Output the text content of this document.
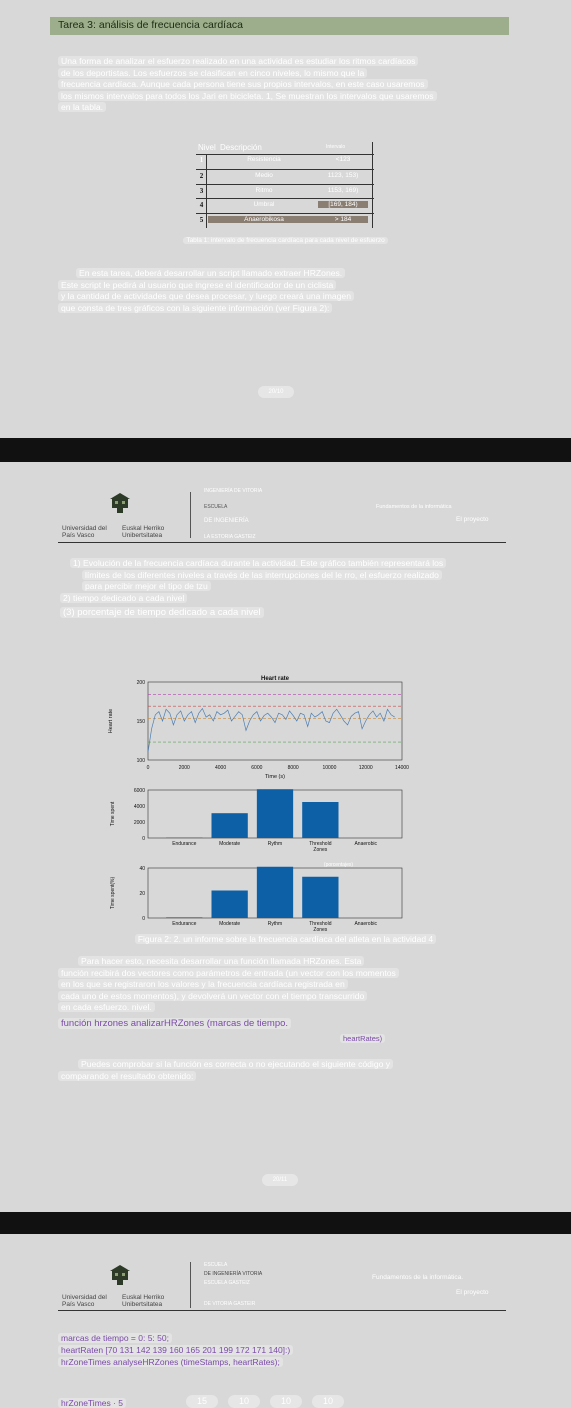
Tarea 3: análisis de frecuencia cardíaca
Una forma de analizar el esfuerzo realizado en una actividad es estudiar los ritmos cardíacos
de los deportistas. Los esfuerzos se clasifican en cinco niveles, lo mismo que la
frecuencia cardíaca. Aunque cada persona tiene sus propios intervalos, en este caso usaremos
los mismos intervalos para todos los Jari en bicicleta. 1, Se muestran los intervalos que usaremos
en la tabla.
Nivel Descripción	Intervalo
1	Resistencia	<123
2	Medio	1123, 153)
3	Ritmo	1153, 169)
4	Umbral	[169, 184)
5	Anaerobikosa	> 184
Tabla 1: intervalo de frecuencia cardíaca para cada nivel de esfuerzo
En esta tarea, deberá desarrollar un script llamado extraer HRZones.
Este script le pedirá al usuario que ingrese el identificador de un ciclista
y la cantidad de actividades que desea procesar, y luego creará una imagen
que consta de tres gráficos con la siguiente información (ver Figura 2):
20/10
Universidad del País Vasco
Euskal Herriko Unibertsitatea
INGENIERÍA DE VITORIA
ESCUELA
DE INGENIERÍA
LA ESTORIA GASTEIZ
Fundamentos de la informática
El proyecto
1) Evolución de la frecuencia cardíaca durante la actividad. Este gráfico también representará los
límites de los diferentes niveles a través de las interrupciones del le rro, el esfuerzo realizado
para percibir mejor el tipo de tzu
2) tiempo dedicado a cada nivel
(3) porcentaje de tiempo dedicado a cada nivel
Heart rate
Time (s)
Heart rate
0	2000	4000	6000	8000	10000	12000	14000
100
150
200
Endurance	Moderate	Rythm	Threshold	Anaerobic
Zones
0
2000
4000
6000
Time spent
Endurance	Moderate	Rythm	Threshold	Anaerobic
Zones
0
20
40
Time spent(%)
(porcentajes)
Figura 2: 2. un informe sobre la frecuencia cardíaca del atleta en la actividad 4
Para hacer esto, necesita desarrollar una función llamada HRZones. Esta
función recibirá dos vectores como parámetros de entrada (un vector con los momentos
en los que se registraron los valores y la frecuencia cardíaca registrada en
cada uno de estos momentos), y devolverá un vector con el tiempo transcurrido
en cada esfuerzo. nivel.
función hrzones analizarHRZones (marcas de tiempo.
heartRates)
Puedes comprobar si la función es correcta o no ejecutando el siguiente código y
comparando el resultado obtenido:
20/11
Universidad del País Vasco
Euskal Herriko Unibertsitatea
ESCUELA
DE INGENIERÍA VITORIA
ESCUELA GASTEIZ
DE VITORIA GASTEIR
Fundamentos de la informática.
El proyecto
marcas de tiempo = 0: 5: 50;
heartRaten [70 131 142 139 160 165 201 199 172 171 140]:)
hrZoneTimes analyseHRZones (timeStamps, heartRates);
hrZoneTimes · 5	15	10	10	10
